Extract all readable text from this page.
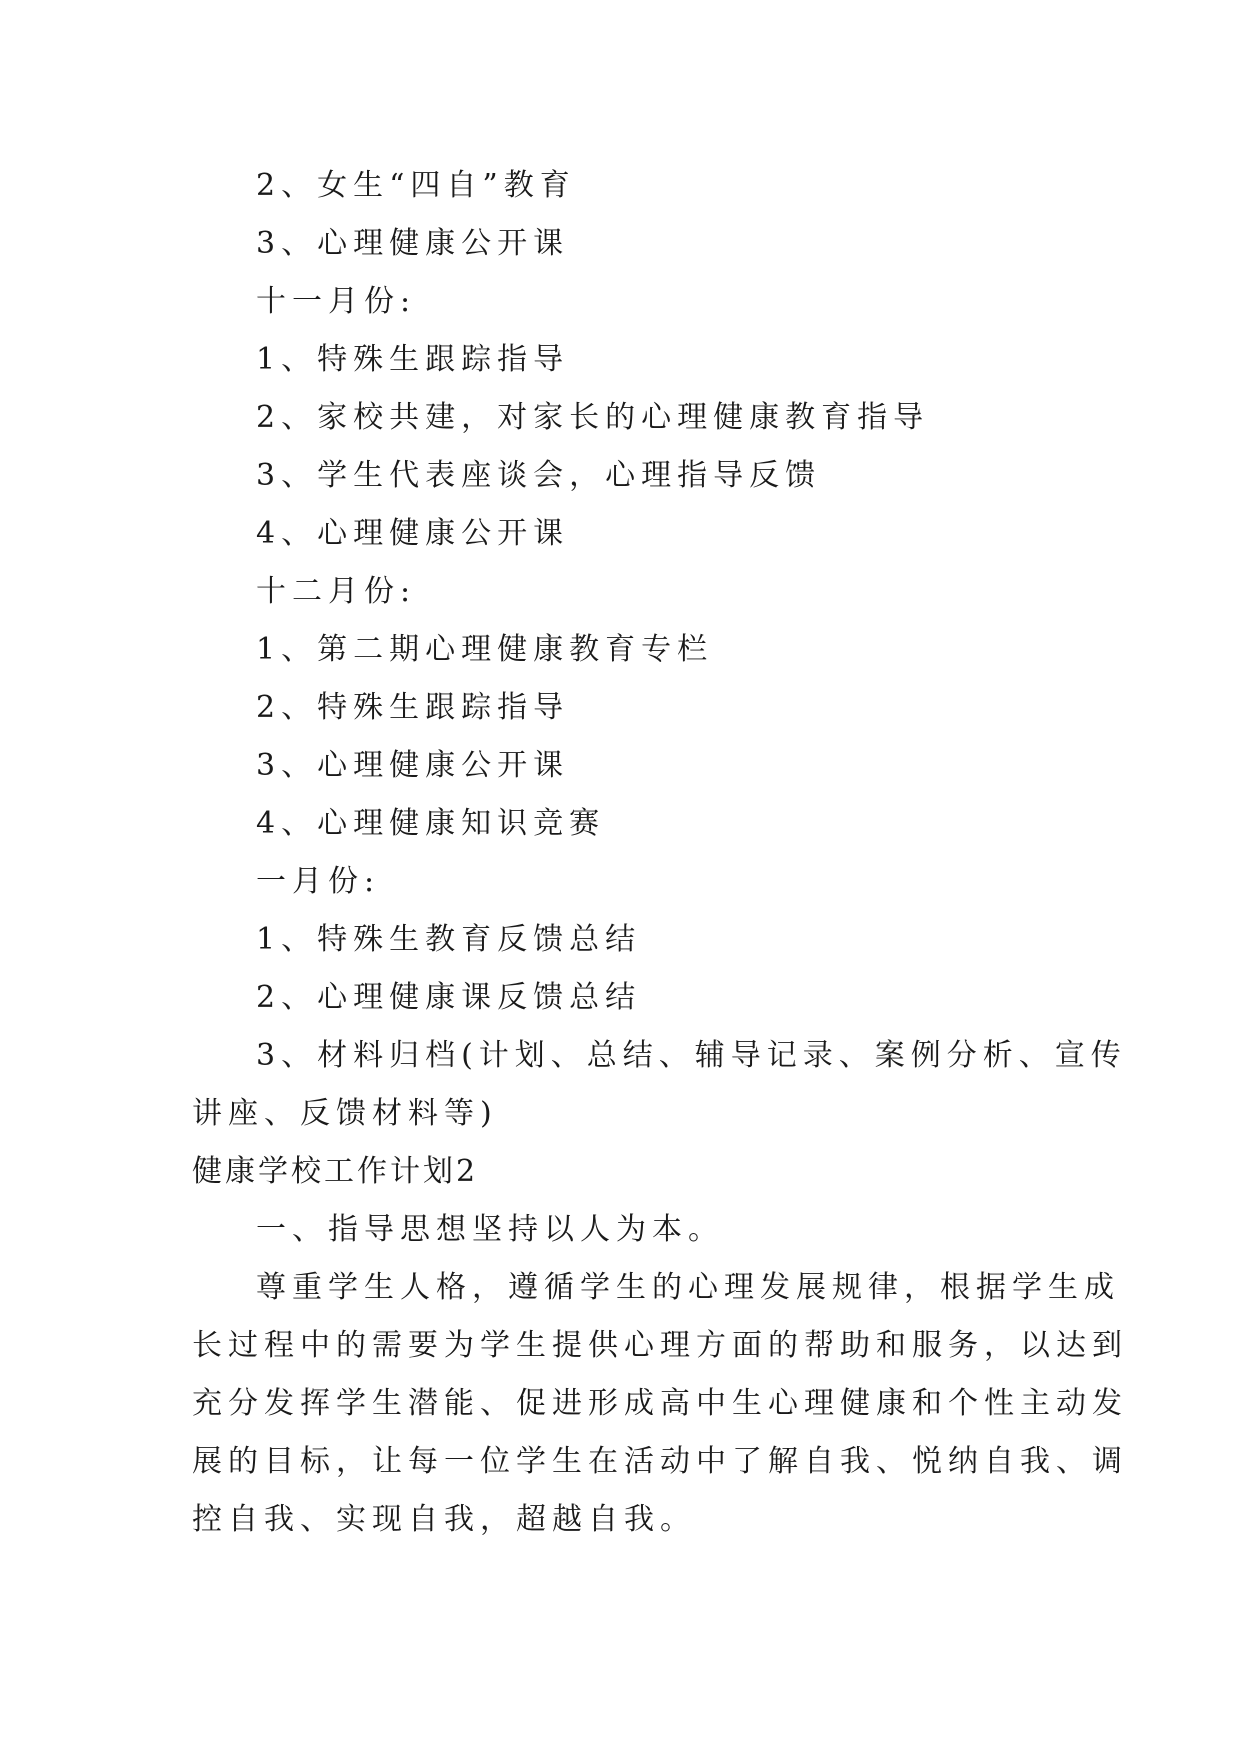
2、女生“四自”教育
3、心理健康公开课
十一月份:
1、特殊生跟踪指导
2、家校共建，对家长的心理健康教育指导
3、学生代表座谈会，心理指导反馈
4、心理健康公开课
十二月份:
1、第二期心理健康教育专栏
2、特殊生跟踪指导
3、心理健康公开课
4、心理健康知识竞赛
一月份:
1、特殊生教育反馈总结
2、心理健康课反馈总结
3、材料归档(计划、总结、辅导记录、案例分析、宣传
讲座、反馈材料等)
健康学校工作计划2
一、指导思想坚持以人为本。
尊重学生人格，遵循学生的心理发展规律，根据学生成
长过程中的需要为学生提供心理方面的帮助和服务，以达到
充分发挥学生潜能、促进形成高中生心理健康和个性主动发
展的目标，让每一位学生在活动中了解自我、悦纳自我、调
控自我、实现自我，超越自我。
